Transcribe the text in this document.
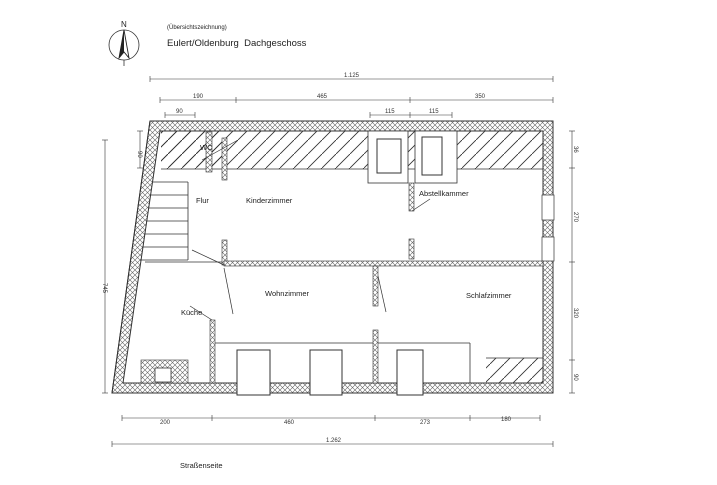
(Übersichtszeichnung)
Eulert/Oldenburg  Dachgeschoss
N
WC
Flur	Kinderzimmer
Abstellkammer
Küche
Wohnzimmer	Schlafzimmer
1.125
190	465	350
90	115	115
200	460	273	180
1.262
745
90
36
270
320
90
Straßenseite
